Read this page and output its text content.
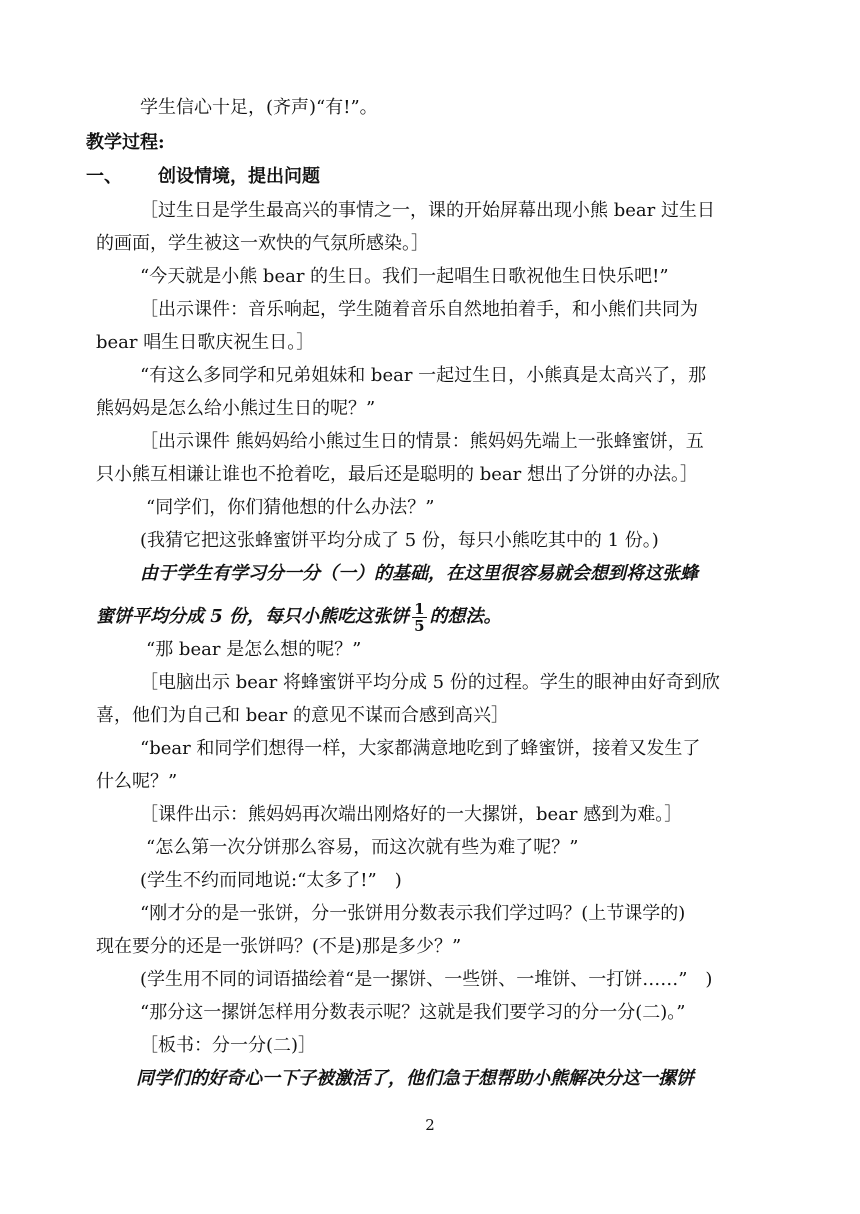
学生信心十足，(齐声)“有!”。
教学过程:
一、 创设情境，提出问题
［过生日是学生最高兴的事情之一，课的开始屏幕出现小熊 bear 过生日
的画面，学生被这一欢快的气氛所感染。］
“今天就是小熊 bear 的生日。我们一起唱生日歌祝他生日快乐吧!”
［出示课件：音乐响起，学生随着音乐自然地拍着手，和小熊们共同为
bear 唱生日歌庆祝生日。］
“有这么多同学和兄弟姐妹和 bear 一起过生日，小熊真是太高兴了，那
熊妈妈是怎么给小熊过生日的呢？”
［出示课件 熊妈妈给小熊过生日的情景：熊妈妈先端上一张蜂蜜饼，五
只小熊互相谦让谁也不抢着吃，最后还是聪明的 bear 想出了分饼的办法。］
“同学们，你们猜他想的什么办法？”
(我猜它把这张蜂蜜饼平均分成了 5 份，每只小熊吃其中的 1 份。)
由于学生有学习分一分（一）的基础，在这里很容易就会想到将这张蜂
蜜饼平均分成 5 份，每只小熊吃这张饼 $\frac{1}{5}$ 的想法。
“那 bear 是怎么想的呢？”
［电脑出示 bear 将蜂蜜饼平均分成 5 份的过程。学生的眼神由好奇到欣
喜，他们为自己和 bear 的意见不谋而合感到高兴］
“bear 和同学们想得一样，大家都满意地吃到了蜂蜜饼，接着又发生了
什么呢？”
［课件出示：熊妈妈再次端出刚烙好的一大摞饼，bear 感到为难。］
“怎么第一次分饼那么容易，而这次就有些为难了呢？”
(学生不约而同地说:“太多了!”　)
“刚才分的是一张饼，分一张饼用分数表示我们学过吗？(上节课学的)
现在要分的还是一张饼吗？(不是)那是多少？”
(学生用不同的词语描绘着“是一摞饼、一些饼、一堆饼、一打饼……”　)
“那分这一摞饼怎样用分数表示呢？这就是我们要学习的分一分(二)。”
［板书：分一分(二)］
同学们的好奇心一下子被激活了，他们急于想帮助小熊解决分这一摞饼
2
